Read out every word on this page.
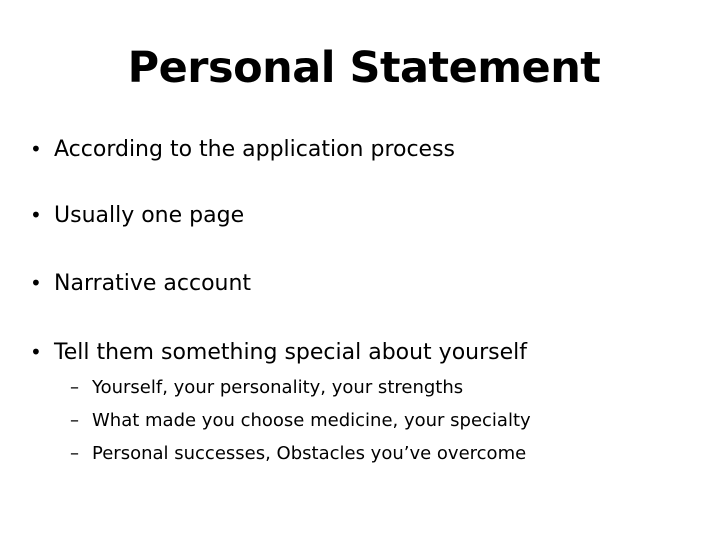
Personal Statement
• According to the application process
• Usually one page
• Narrative account
• Tell them something special about yourself
– Yourself, your personality, your strengths
– What made you choose medicine, your specialty
– Personal successes, Obstacles you’ve overcome
